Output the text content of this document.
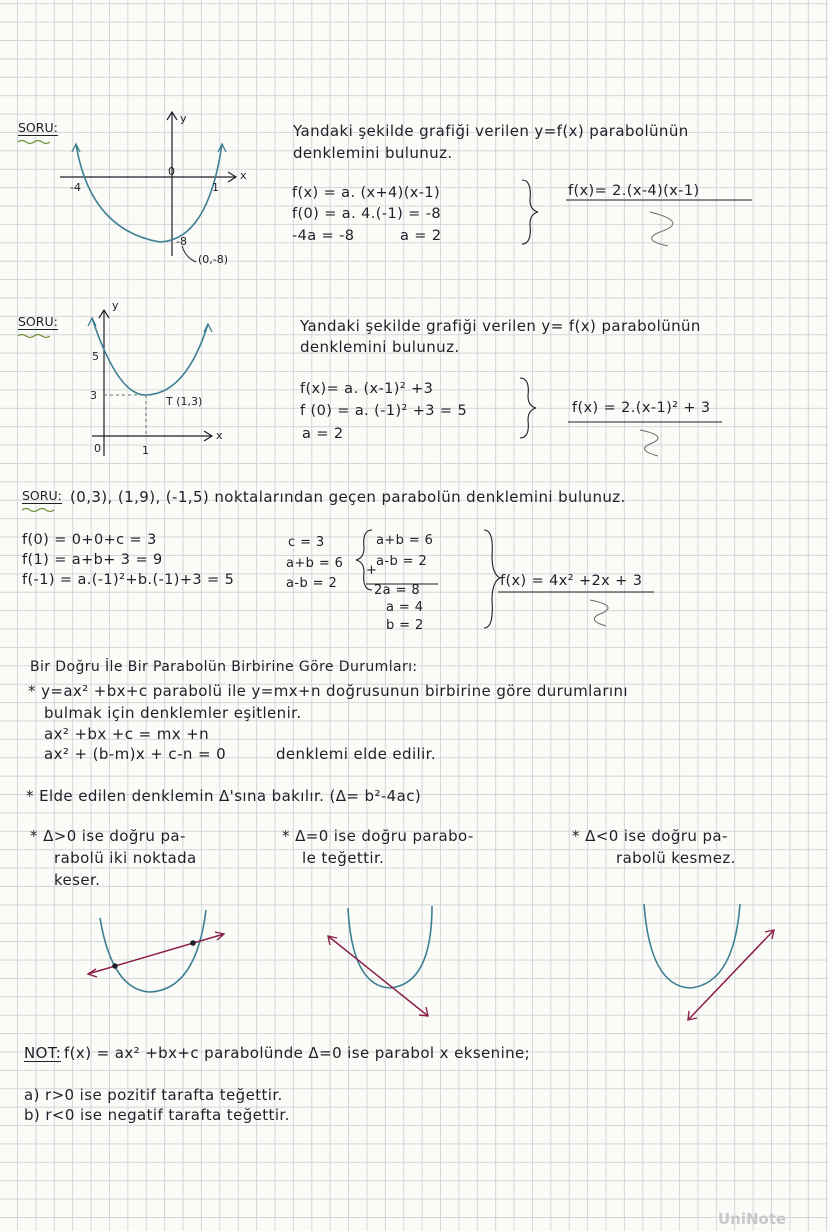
SORU:
y
x
0
-4	1
-8
(0,-8)
Yandaki şekilde grafiği verilen y=f(x) parabolünün
denklemini bulunuz.
f(x) = a. (x+4)(x-1)
f(0) = a. 4.(-1) = -8
-4a = -8	a = 2
f(x)= 2.(x-4)(x-1)
SORU:
y
x
0
5
3
1
T (1,3)
Yandaki şekilde grafiği verilen y= f(x) parabolünün
denklemini bulunuz.
f(x)= a. (x-1)² +3
f (0) = a. (-1)² +3 = 5
a = 2
f(x) = 2.(x-1)² + 3
SORU: (0,3), (1,9), (-1,5) noktalarından geçen parabolün denklemini bulunuz.
f(0) = 0+0+c = 3
f(1) = a+b+ 3 = 9
f(-1) = a.(-1)²+b.(-1)+3 = 5
c = 3
a+b = 6
a-b = 2
a+b = 6
a-b = 2
+
2a = 8
a = 4
b = 2
f(x) = 4x² +2x + 3
Bir Doğru İle Bir Parabolün Birbirine Göre Durumları:
* y=ax² +bx+c parabolü ile y=mx+n doğrusunun birbirine göre durumlarını
bulmak için denklemler eşitlenir.
ax² +bx +c = mx +n
ax² + (b-m)x + c-n = 0	denklemi elde edilir.
* Elde edilen denklemin Δ'sına bakılır. (Δ= b²-4ac)
* Δ>0 ise doğru pa-
rabolü iki noktada
keser.
* Δ=0 ise doğru parabo-
le teğettir.
* Δ<0 ise doğru pa-
rabolü kesmez.
NOT: f(x) = ax² +bx+c parabolünde Δ=0 ise parabol x eksenine;
a) r>0 ise pozitif tarafta teğettir.
b) r<0 ise negatif tarafta teğettir.
UniNote
